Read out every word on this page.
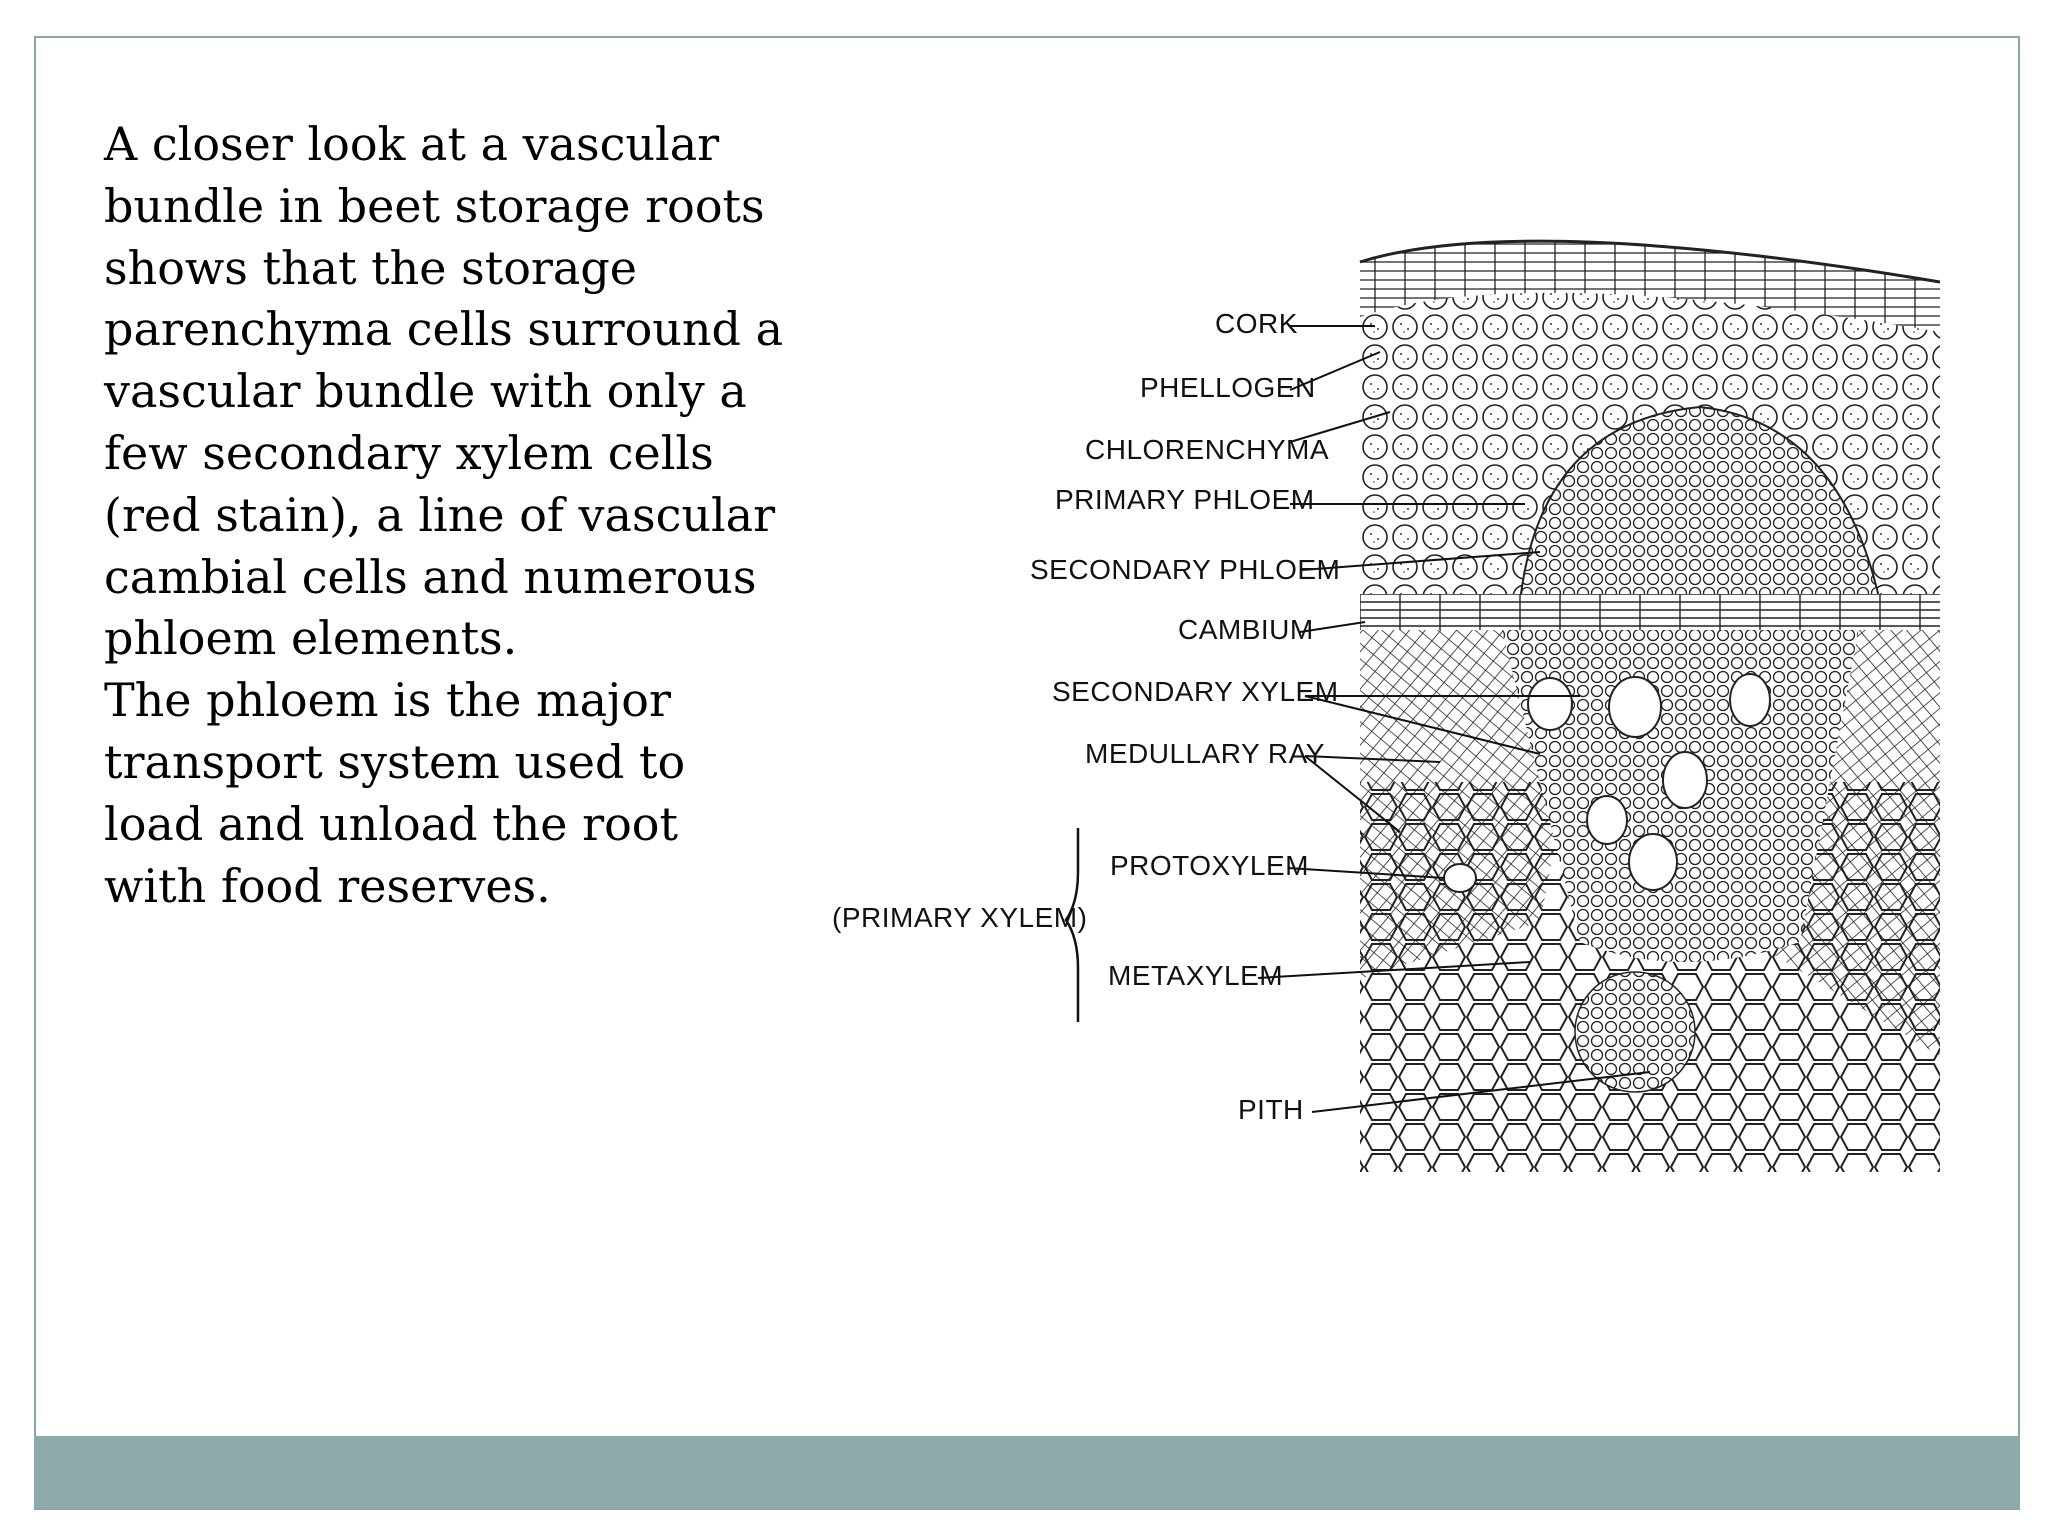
A closer look at a vascular bundle in beet storage roots shows that the storage parenchyma cells surround a vascular bundle with only a few secondary xylem cells (red stain), a line of vascular cambial cells and numerous phloem elements.

The phloem is the major transport system used to load and unload the root with food reserves.

CORK
PHELLOGEN
CHLORENCHYMA
PRIMARY PHLOEM
SECONDARY PHLOEM
CAMBIUM
SECONDARY XYLEM
MEDULLARY RAY
PROTOXYLEM
(PRIMARY XYLEM)
METAXYLEM
PITH
